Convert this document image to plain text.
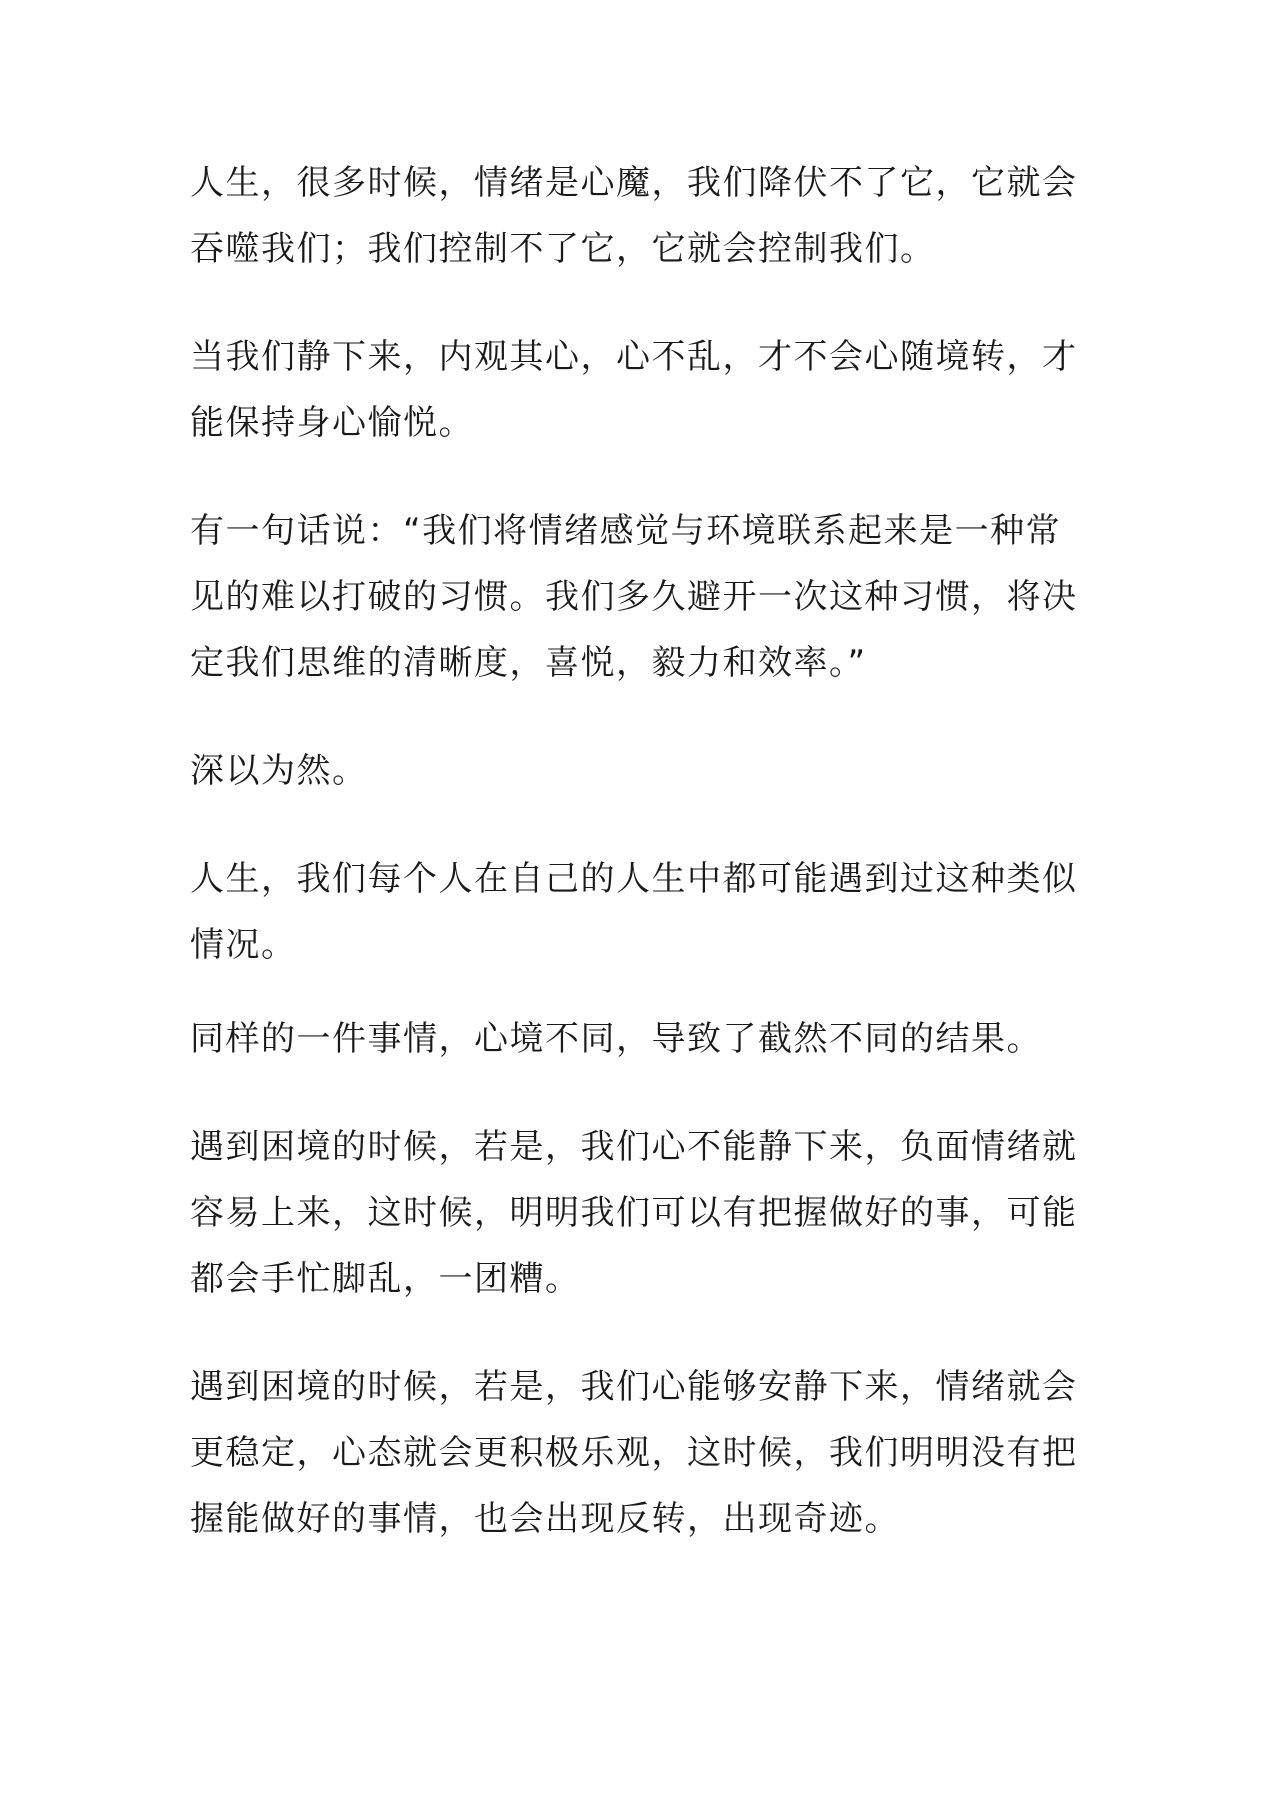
人生，很多时候，情绪是心魔，我们降伏不了它，它就会
吞噬我们；我们控制不了它，它就会控制我们。

当我们静下来，内观其心，心不乱，才不会心随境转，才
能保持身心愉悦。

有一句话说：“我们将情绪感觉与环境联系起来是一种常
见的难以打破的习惯。我们多久避开一次这种习惯，将决
定我们思维的清晰度，喜悦，毅力和效率。”

深以为然。

人生，我们每个人在自己的人生中都可能遇到过这种类似
情况。

同样的一件事情，心境不同，导致了截然不同的结果。

遇到困境的时候，若是，我们心不能静下来，负面情绪就
容易上来，这时候，明明我们可以有把握做好的事，可能
都会手忙脚乱，一团糟。

遇到困境的时候，若是，我们心能够安静下来，情绪就会
更稳定，心态就会更积极乐观，这时候，我们明明没有把
握能做好的事情，也会出现反转，出现奇迹。
